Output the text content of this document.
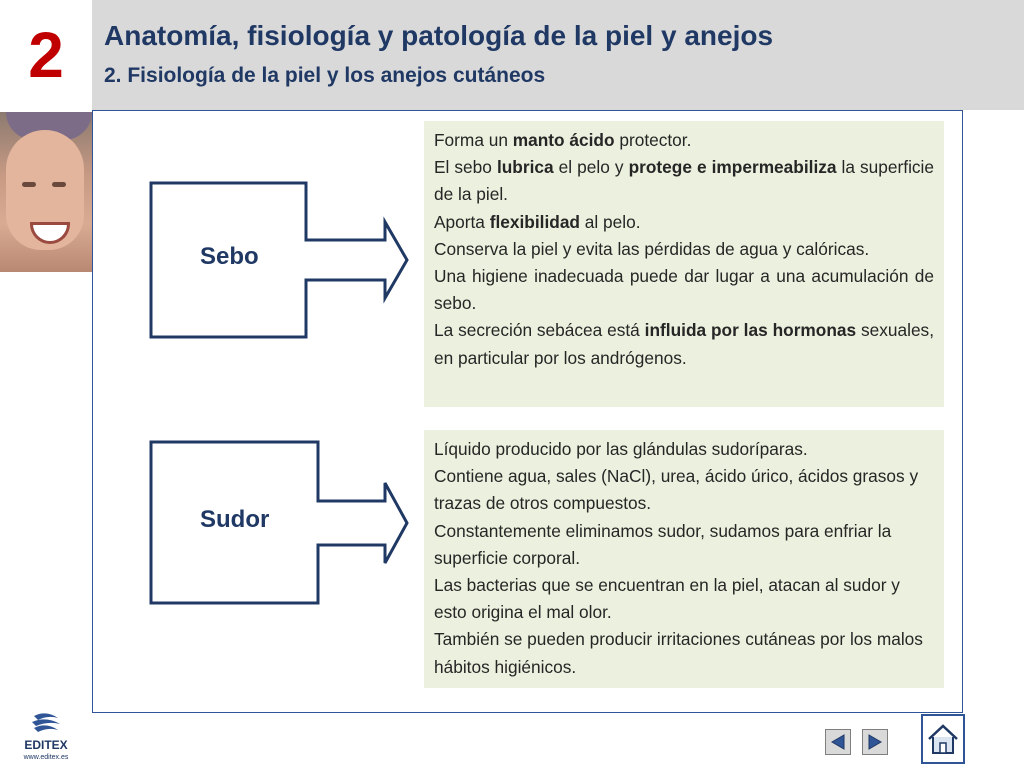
2	Anatomía, fisiología y patología de la piel y anejos
2. Fisiología de la piel y los anejos cutáneos
Sebo
Sudor

Forma un manto ácido protector.

El sebo lubrica el pelo y protege e impermeabiliza la superficie de la piel.

Aporta flexibilidad al pelo.

Conserva la piel y evita las pérdidas de agua y calóricas.

Una higiene inadecuada puede dar lugar a una acumulación de sebo.

La secreción sebácea está influida por las hormonas sexuales, en particular por los andrógenos.

Líquido producido por las glándulas sudoríparas.

Contiene agua, sales (NaCl), urea, ácido úrico, ácidos grasos y trazas de otros compuestos.

Constantemente eliminamos sudor, sudamos para enfriar la superficie corporal.

Las bacterias que se encuentran en la piel, atacan al sudor y esto origina el mal olor.

También se pueden producir irritaciones cutáneas por los malos hábitos higiénicos.

EDITEX
www.editex.es
